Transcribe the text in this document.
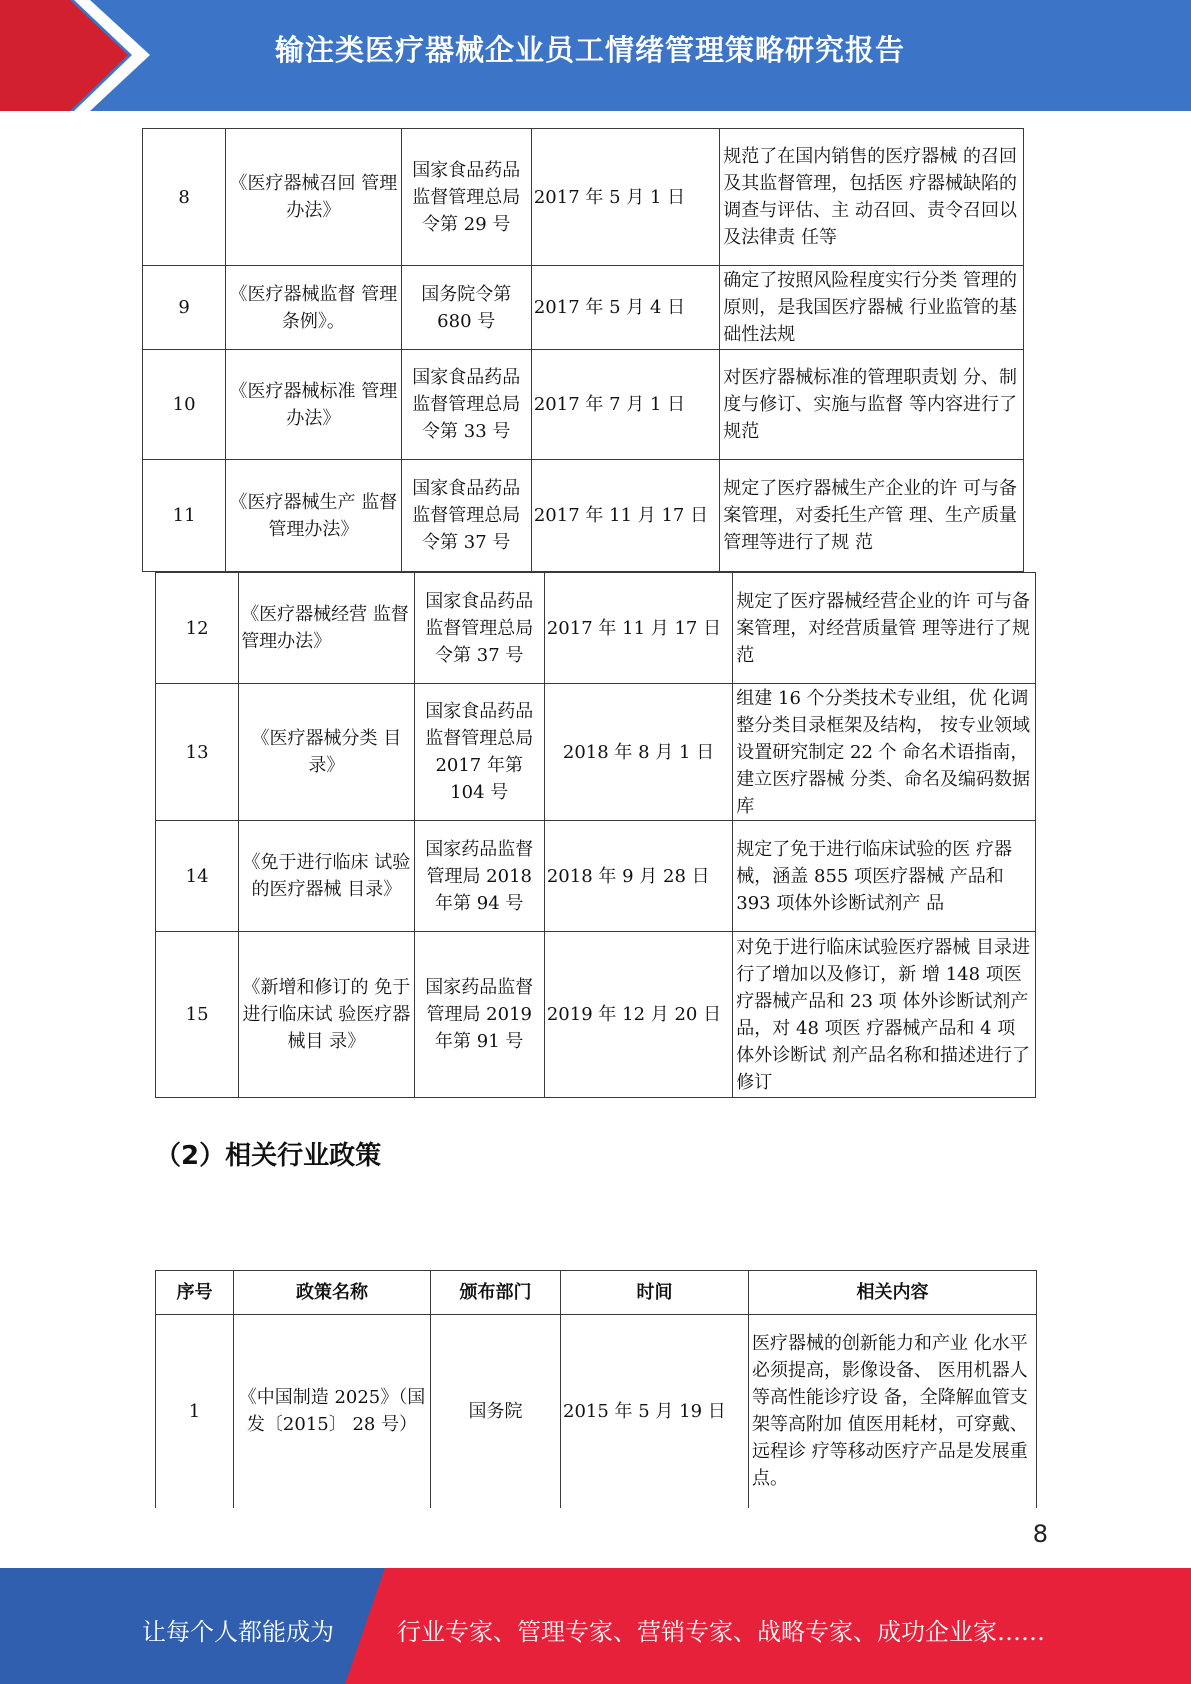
输注类医疗器械企业员工情绪管理策略研究报告
8	《医疗器械召回 管理办法》	国家食品药品监督管理总局令第 29 号	2017 年 5 月 1 日	规范了在国内销售的医疗器械 的召回及其监督管理，包括医 疗器械缺陷的调查与评估、主 动召回、责令召回以及法律责 任等
9	《医疗器械监督 管理条例》。	国务院令第 680 号	2017 年 5 月 4 日	确定了按照风险程度实行分类 管理的原则，是我国医疗器械 行业监管的基础性法规
10	《医疗器械标准 管理办法》	国家食品药品监督管理总局令第 33 号	2017 年 7 月 1 日	对医疗器械标准的管理职责划 分、制度与修订、实施与监督 等内容进行了规范
11	《医疗器械生产 监督管理办法》	国家食品药品监督管理总局令第 37 号	2017 年 11 月 17 日	规定了医疗器械生产企业的许 可与备案管理，对委托生产管 理、生产质量管理等进行了规 范
12	《医疗器械经营 监督管理办法》	国家食品药品监督管理总局令第 37 号	2017 年 11 月 17 日	规定了医疗器械经营企业的许 可与备案管理，对经营质量管 理等进行了规范
13	《医疗器械分类 目录》	国家食品药品监督管理总局 2017 年第 104 号	2018 年 8 月 1 日	组建 16 个分类技术专业组，优 化调整分类目录框架及结构， 按专业领域设置研究制定 22 个 命名术语指南，建立医疗器械 分类、命名及编码数据库
14	《免于进行临床 试验的医疗器械 目录》	国家药品监督管理局 2018 年第 94 号	2018 年 9 月 28 日	规定了免于进行临床试验的医 疗器械，涵盖 855 项医疗器械 产品和 393 项体外诊断试剂产 品
15	《新增和修订的 免于进行临床试 验医疗器械目 录》	国家药品监督管理局 2019 年第 91 号	2019 年 12 月 20 日	对免于进行临床试验医疗器械 目录进行了增加以及修订，新 增 148 项医疗器械产品和 23 项 体外诊断试剂产品，对 48 项医 疗器械产品和 4 项体外诊断试 剂产品名称和描述进行了修订
（2）相关行业政策
序号	政策名称	颁布部门	时间	相关内容
1	《中国制造 2025》（国发〔2015〕 28 号）	国务院	2015 年 5 月 19 日	医疗器械的创新能力和产业 化水平必须提高，影像设备、 医用机器人等高性能诊疗设 备，全降解血管支架等高附加 值医用耗材，可穿戴、远程诊 疗等移动医疗产品是发展重 点。
8
让每个人都能成为	行业专家、管理专家、营销专家、战略专家、成功企业家……
